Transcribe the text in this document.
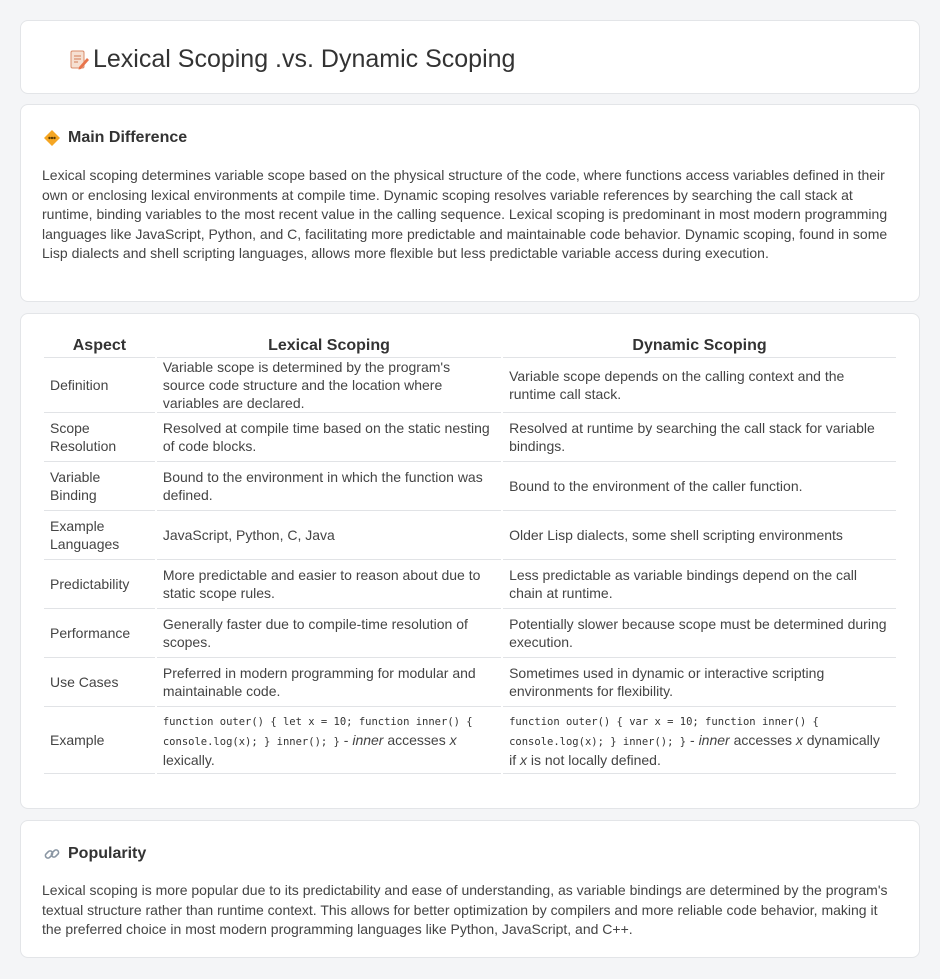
Lexical Scoping .vs. Dynamic Scoping
Main Difference

Lexical scoping determines variable scope based on the physical structure of the code, where functions access variables defined in their own or enclosing lexical environments at compile time. Dynamic scoping resolves variable references by searching the call stack at runtime, binding variables to the most recent value in the calling sequence. Lexical scoping is predominant in most modern programming languages like JavaScript, Python, and C, facilitating more predictable and maintainable code behavior. Dynamic scoping, found in some Lisp dialects and shell scripting languages, allows more flexible but less predictable variable access during execution.

Aspect	Lexical Scoping	Dynamic Scoping
Definition	Variable scope is determined by the program's source code structure and the location where variables are declared.	Variable scope depends on the calling context and the runtime call stack.
Scope Resolution	Resolved at compile time based on the static nesting of code blocks.	Resolved at runtime by searching the call stack for variable bindings.
Variable Binding	Bound to the environment in which the function was defined.	Bound to the environment of the caller function.
Example Languages	JavaScript, Python, C, Java	Older Lisp dialects, some shell scripting environments
Predictability	More predictable and easier to reason about due to static scope rules.	Less predictable as variable bindings depend on the call chain at runtime.
Performance	Generally faster due to compile-time resolution of scopes.	Potentially slower because scope must be determined during execution.
Use Cases	Preferred in modern programming for modular and maintainable code.	Sometimes used in dynamic or interactive scripting environments for flexibility.
Example	function outer() { let x = 10; function inner() { console.log(x); } inner(); } - inner accesses x lexically.	function outer() { var x = 10; function inner() { console.log(x); } inner(); } - inner accesses x dynamically if x is not locally defined.
Popularity

Lexical scoping is more popular due to its predictability and ease of understanding, as variable bindings are determined by the program's textual structure rather than runtime context. This allows for better optimization by compilers and more reliable code behavior, making it the preferred choice in most modern programming languages like Python, JavaScript, and C++.
